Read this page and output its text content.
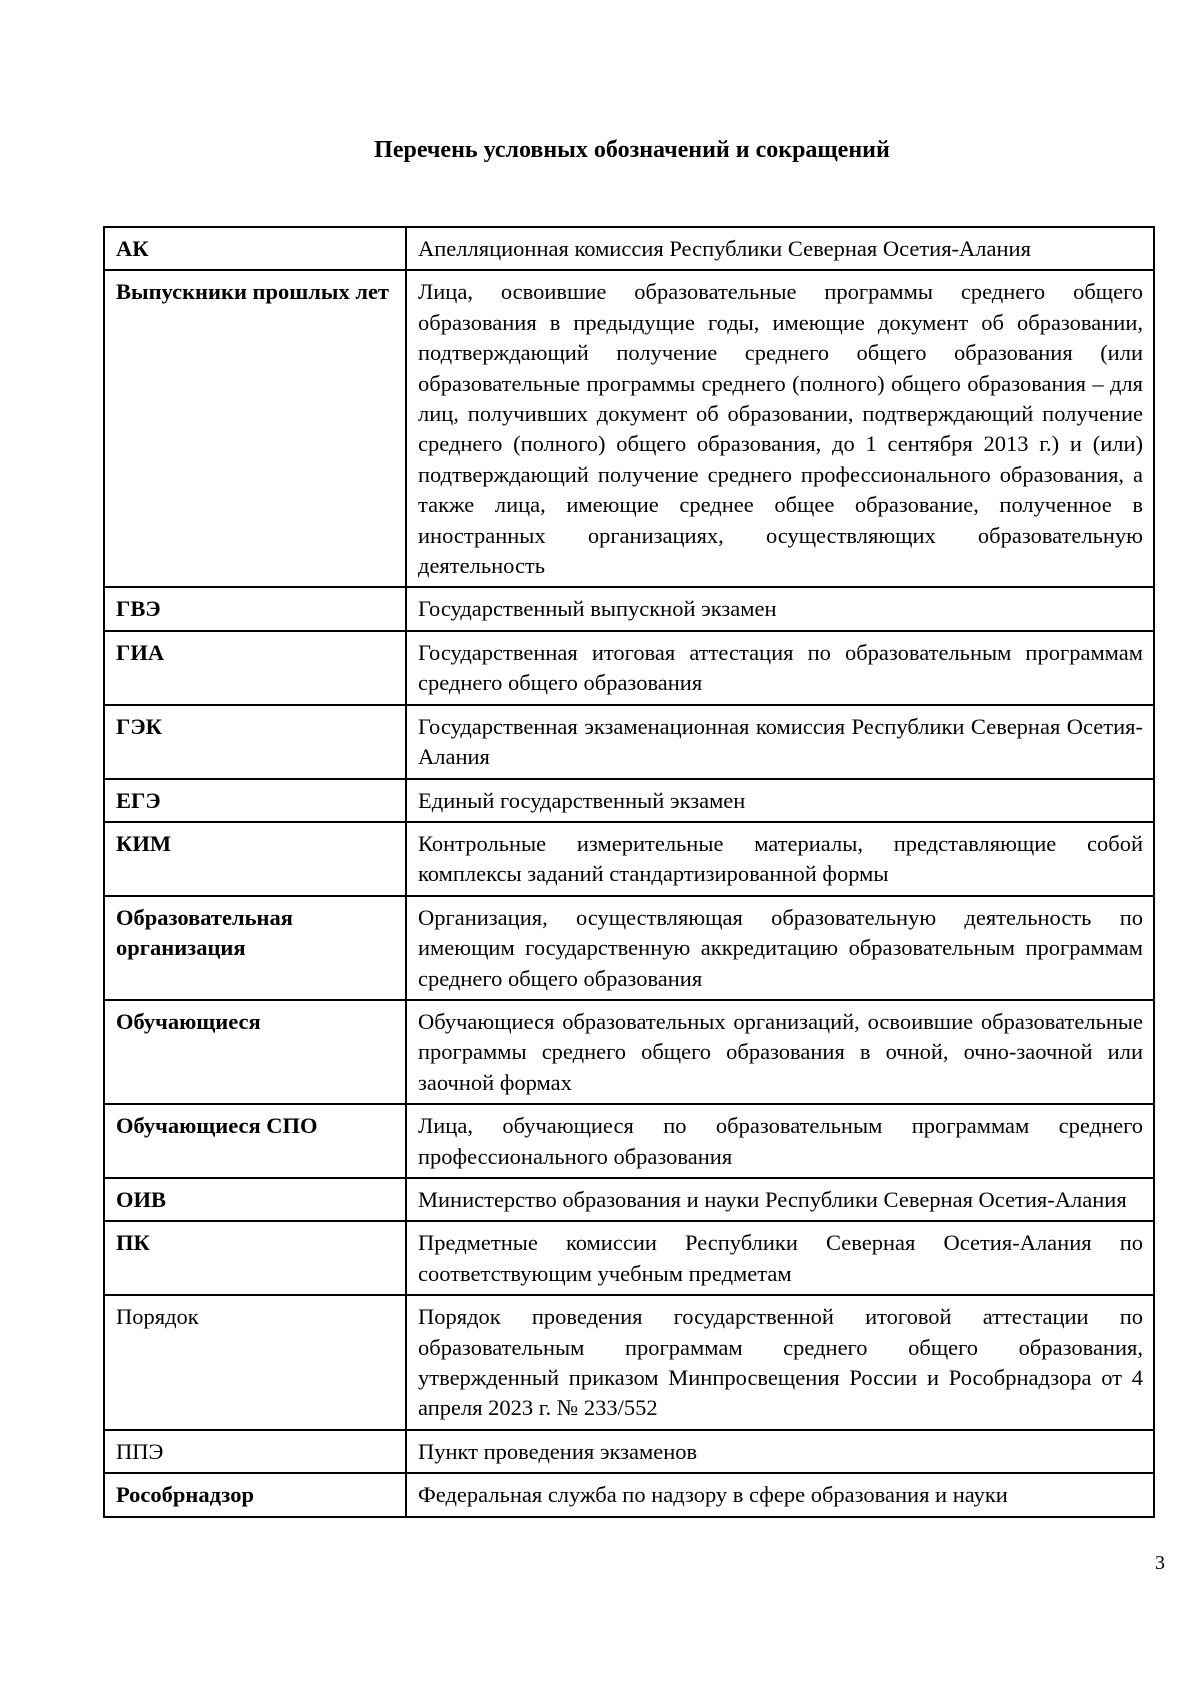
Перечень условных обозначений и сокращений
АК	Апелляционная комиссия Республики Северная Осетия-Алания
Выпускники прошлых лет	Лица, освоившие образовательные программы среднего общего образования в предыдущие годы, имеющие документ об образовании, подтверждающий получение среднего общего образования (или образовательные программы среднего (полного) общего образования – для лиц, получивших документ об образовании, подтверждающий получение среднего (полного) общего образования, до 1 сентября 2013 г.) и (или) подтверждающий получение среднего профессионального образования, а также лица, имеющие среднее общее образование, полученное в иностранных организациях, осуществляющих образовательную деятельность
ГВЭ	Государственный выпускной экзамен
ГИА	Государственная итоговая аттестация по образовательным программам среднего общего образования
ГЭК	Государственная экзаменационная комиссия Республики Северная Осетия-Алания
ЕГЭ	Единый государственный экзамен
КИМ	Контрольные измерительные материалы, представляющие собой комплексы заданий стандартизированной формы
Образовательная организация	Организация, осуществляющая образовательную деятельность по имеющим государственную аккредитацию образовательным программам среднего общего образования
Обучающиеся	Обучающиеся образовательных организаций, освоившие образовательные программы среднего общего образования в очной, очно-заочной или заочной формах
Обучающиеся СПО	Лица, обучающиеся по образовательным программам среднего профессионального образования
ОИВ	Министерство образования и науки Республики Северная Осетия-Алания
ПК	Предметные комиссии Республики Северная Осетия-Алания по соответствующим учебным предметам
Порядок	Порядок проведения государственной итоговой аттестации по образовательным программам среднего общего образования, утвержденный приказом Минпросвещения России и Рособрнадзора от 4 апреля 2023 г. № 233/552
ППЭ	Пункт проведения экзаменов
Рособрнадзор	Федеральная служба по надзору в сфере образования и науки
3
